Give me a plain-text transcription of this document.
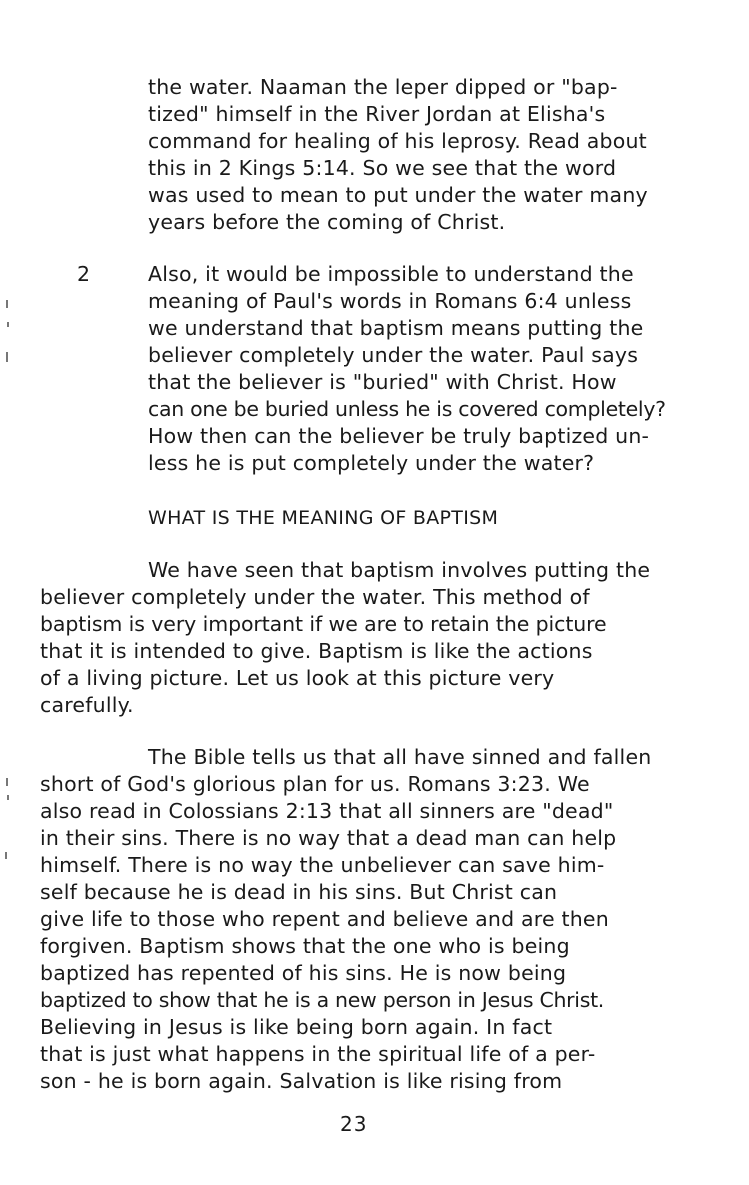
the water. Naaman the leper dipped or "bap-
tized" himself in the River Jordan at Elisha's
command for healing of his leprosy. Read about
this in 2 Kings 5:14. So we see that the word
was used to mean to put under the water many
years before the coming of Christ.
2	Also, it would be impossible to understand the
meaning of Paul's words in Romans 6:4 unless
we understand that baptism means putting the
believer completely under the water. Paul says
that the believer is "buried" with Christ. How
can one be buried unless he is covered completely?
How then can the believer be truly baptized un-
less he is put completely under the water?
WHAT IS THE MEANING OF BAPTISM
We have seen that baptism involves putting the
believer completely under the water. This method of
baptism is very important if we are to retain the picture
that it is intended to give. Baptism is like the actions
of a living picture. Let us look at this picture very
carefully.
The Bible tells us that all have sinned and fallen
short of God's glorious plan for us. Romans 3:23. We
also read in Colossians 2:13 that all sinners are "dead"
in their sins. There is no way that a dead man can help
himself. There is no way the unbeliever can save him-
self because he is dead in his sins. But Christ can
give life to those who repent and believe and are then
forgiven. Baptism shows that the one who is being
baptized has repented of his sins. He is now being
baptized to show that he is a new person in Jesus Christ.
Believing in Jesus is like being born again. In fact
that is just what happens in the spiritual life of a per-
son - he is born again. Salvation is like rising from
23
